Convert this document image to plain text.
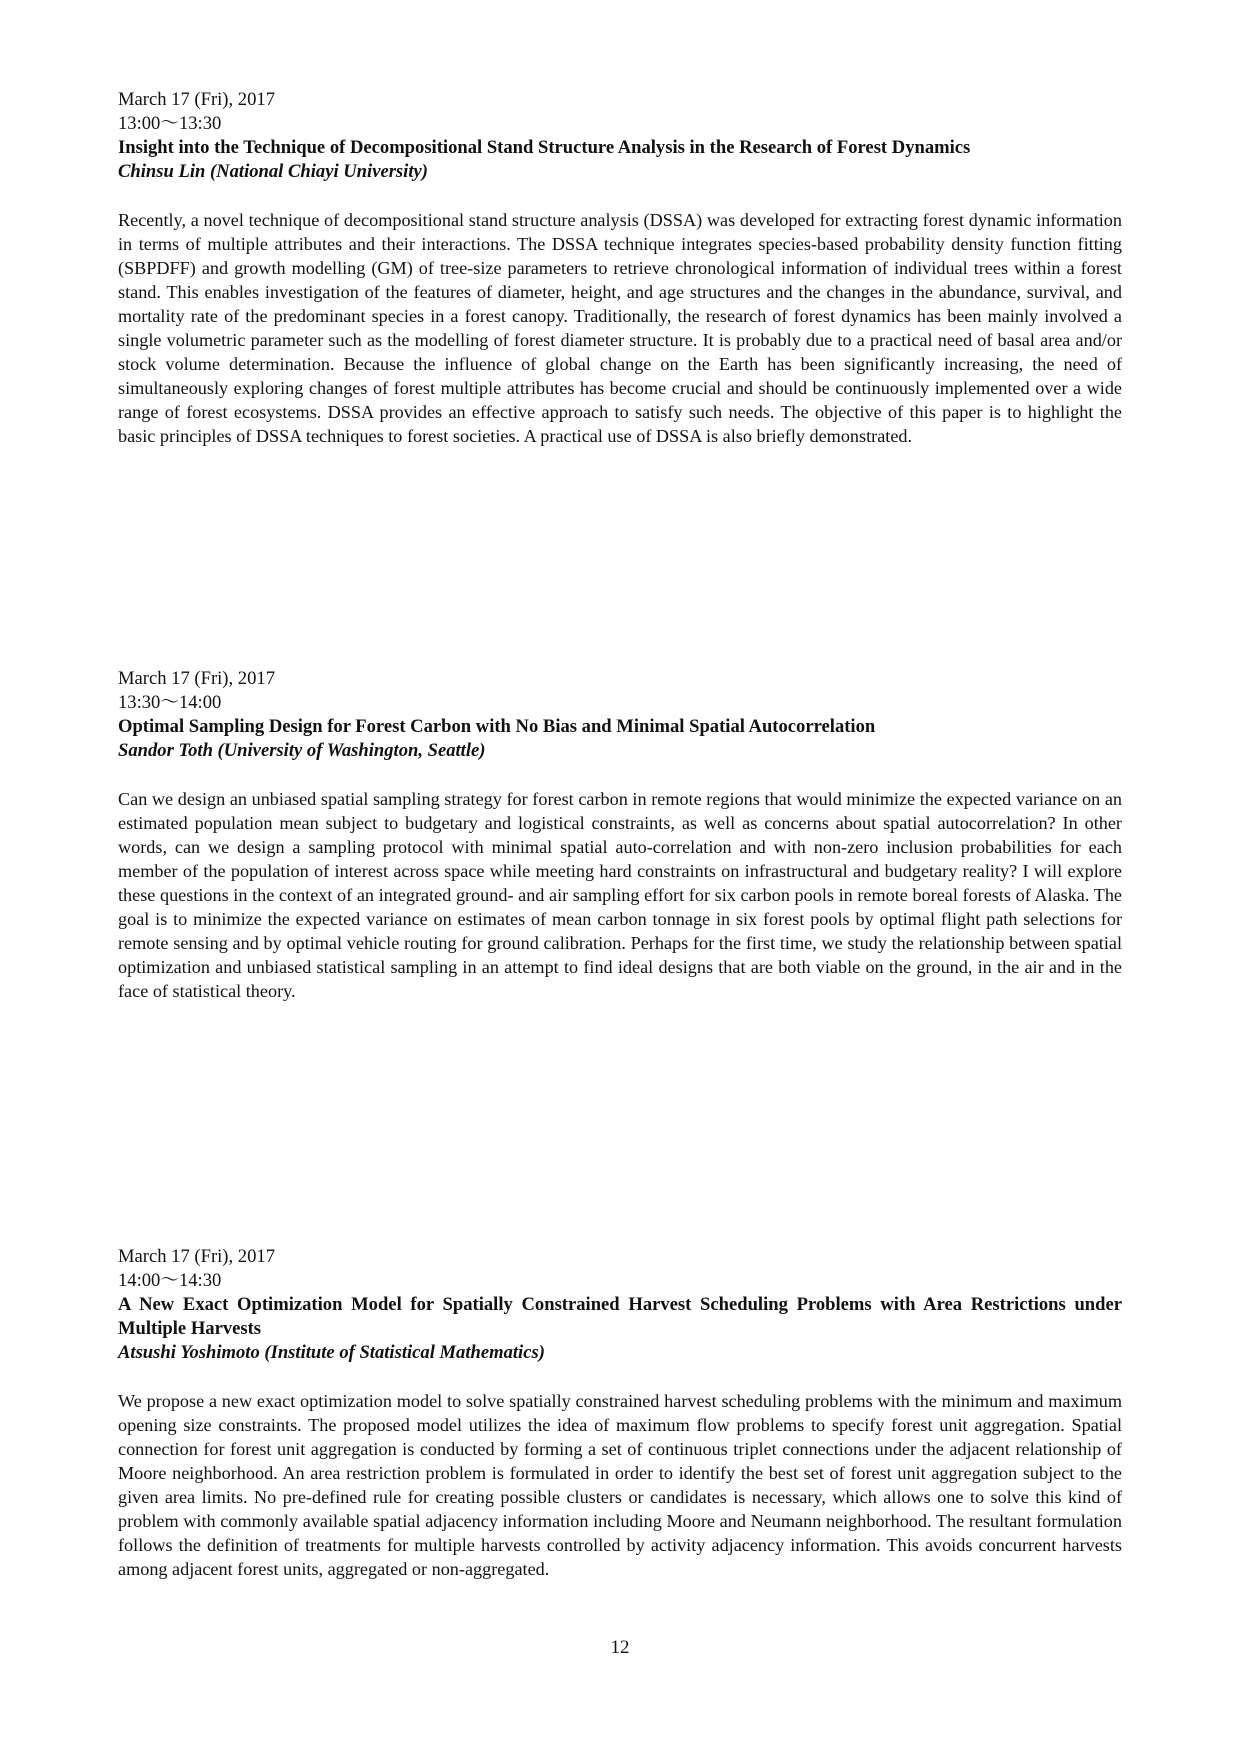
March 17 (Fri), 2017

13:00～13:30

Insight into the Technique of Decompositional Stand Structure Analysis in the Research of Forest Dynamics

Chinsu Lin (National Chiayi University)

Recently, a novel technique of decompositional stand structure analysis (DSSA) was developed for extracting forest dynamic information in terms of multiple attributes and their interactions. The DSSA technique integrates species-based probability density function fitting (SBPDFF) and growth modelling (GM) of tree-size parameters to retrieve chronological information of individual trees within a forest stand. This enables investigation of the features of diameter, height, and age structures and the changes in the abundance, survival, and mortality rate of the predominant species in a forest canopy. Traditionally, the research of forest dynamics has been mainly involved a single volumetric parameter such as the modelling of forest diameter structure. It is probably due to a practical need of basal area and/or stock volume determination. Because the influence of global change on the Earth has been significantly increasing, the need of simultaneously exploring changes of forest multiple attributes has become crucial and should be continuously implemented over a wide range of forest ecosystems. DSSA provides an effective approach to satisfy such needs. The objective of this paper is to highlight the basic principles of DSSA techniques to forest societies. A practical use of DSSA is also briefly demonstrated.

March 17 (Fri), 2017

13:30～14:00

Optimal Sampling Design for Forest Carbon with No Bias and Minimal Spatial Autocorrelation

Sandor Toth (University of Washington, Seattle)

Can we design an unbiased spatial sampling strategy for forest carbon in remote regions that would minimize the expected variance on an estimated population mean subject to budgetary and logistical constraints, as well as concerns about spatial autocorrelation? In other words, can we design a sampling protocol with minimal spatial auto-correlation and with non-zero inclusion probabilities for each member of the population of interest across space while meeting hard constraints on infrastructural and budgetary reality? I will explore these questions in the context of an integrated ground- and air sampling effort for six carbon pools in remote boreal forests of Alaska. The goal is to minimize the expected variance on estimates of mean carbon tonnage in six forest pools by optimal flight path selections for remote sensing and by optimal vehicle routing for ground calibration. Perhaps for the first time, we study the relationship between spatial optimization and unbiased statistical sampling in an attempt to find ideal designs that are both viable on the ground, in the air and in the face of statistical theory.

March 17 (Fri), 2017

14:00～14:30

A New Exact Optimization Model for Spatially Constrained Harvest Scheduling Problems with Area Restrictions under Multiple Harvests

Atsushi Yoshimoto (Institute of Statistical Mathematics)

We propose a new exact optimization model to solve spatially constrained harvest scheduling problems with the minimum and maximum opening size constraints. The proposed model utilizes the idea of maximum flow problems to specify forest unit aggregation. Spatial connection for forest unit aggregation is conducted by forming a set of continuous triplet connections under the adjacent relationship of Moore neighborhood. An area restriction problem is formulated in order to identify the best set of forest unit aggregation subject to the given area limits. No pre-defined rule for creating possible clusters or candidates is necessary, which allows one to solve this kind of problem with commonly available spatial adjacency information including Moore and Neumann neighborhood. The resultant formulation follows the definition of treatments for multiple harvests controlled by activity adjacency information. This avoids concurrent harvests among adjacent forest units, aggregated or non-aggregated.

12
